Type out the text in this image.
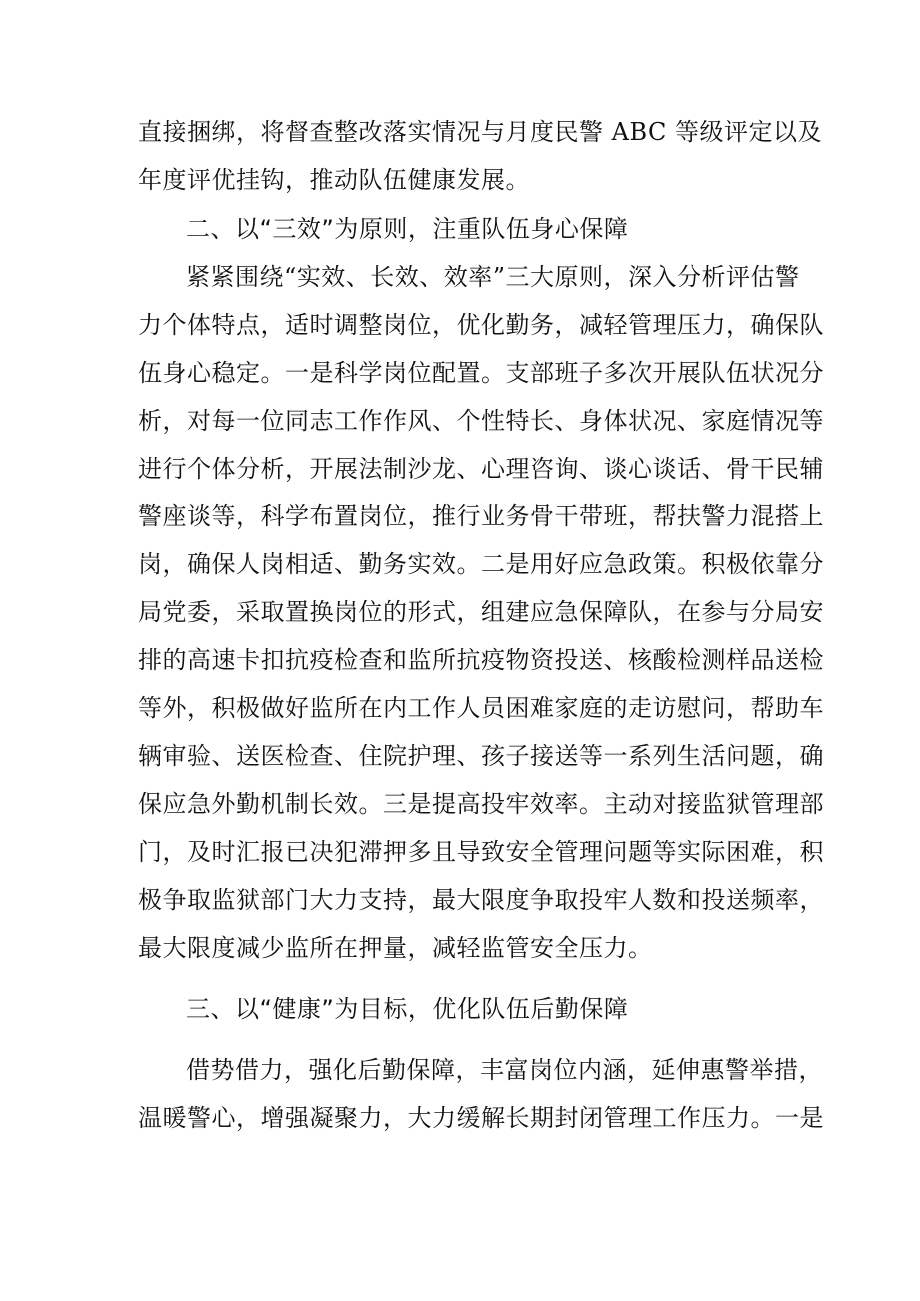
直接捆绑，将督查整改落实情况与月度民警 ABC 等级评定以及
年度评优挂钩，推动队伍健康发展。
二、以“三效”为原则，注重队伍身心保障
紧紧围绕“实效、长效、效率”三大原则，深入分析评估警
力个体特点，适时调整岗位，优化勤务，减轻管理压力，确保队
伍身心稳定。一是科学岗位配置。支部班子多次开展队伍状况分
析，对每一位同志工作作风、个性特长、身体状况、家庭情况等
进行个体分析，开展法制沙龙、心理咨询、谈心谈话、骨干民辅
警座谈等，科学布置岗位，推行业务骨干带班，帮扶警力混搭上
岗，确保人岗相适、勤务实效。二是用好应急政策。积极依靠分
局党委，采取置换岗位的形式，组建应急保障队，在参与分局安
排的高速卡扣抗疫检查和监所抗疫物资投送、核酸检测样品送检
等外，积极做好监所在内工作人员困难家庭的走访慰问，帮助车
辆审验、送医检查、住院护理、孩子接送等一系列生活问题，确
保应急外勤机制长效。三是提高投牢效率。主动对接监狱管理部
门，及时汇报已决犯滞押多且导致安全管理问题等实际困难，积
极争取监狱部门大力支持，最大限度争取投牢人数和投送频率，
最大限度减少监所在押量，减轻监管安全压力。
三、以“健康”为目标，优化队伍后勤保障
借势借力，强化后勤保障，丰富岗位内涵，延伸惠警举措，
温暖警心，增强凝聚力，大力缓解长期封闭管理工作压力。一是
